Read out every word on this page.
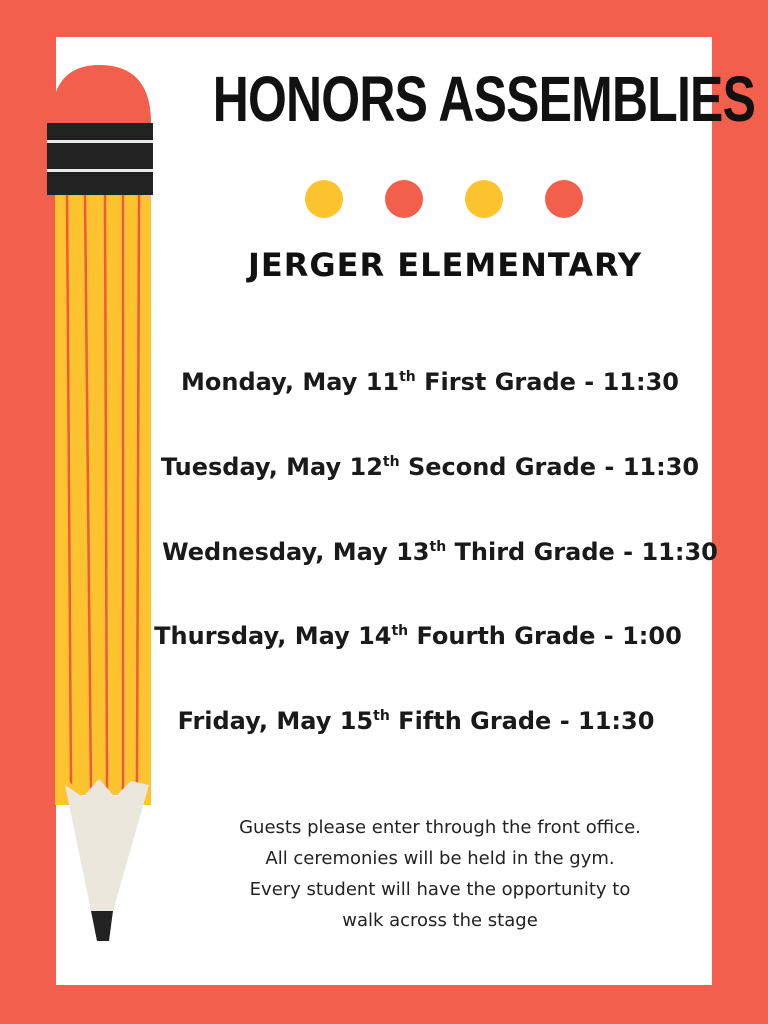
HONORS ASSEMBLIES
JERGER ELEMENTARY
Monday, May 11th First Grade - 11:30
Tuesday, May 12th Second Grade - 11:30
Wednesday, May 13th Third Grade - 11:30
Thursday, May 14th Fourth Grade - 1:00
Friday, May 15th Fifth Grade - 11:30
Guests please enter through the front office.
All ceremonies will be held in the gym.
Every student will have the opportunity to
walk across the stage
